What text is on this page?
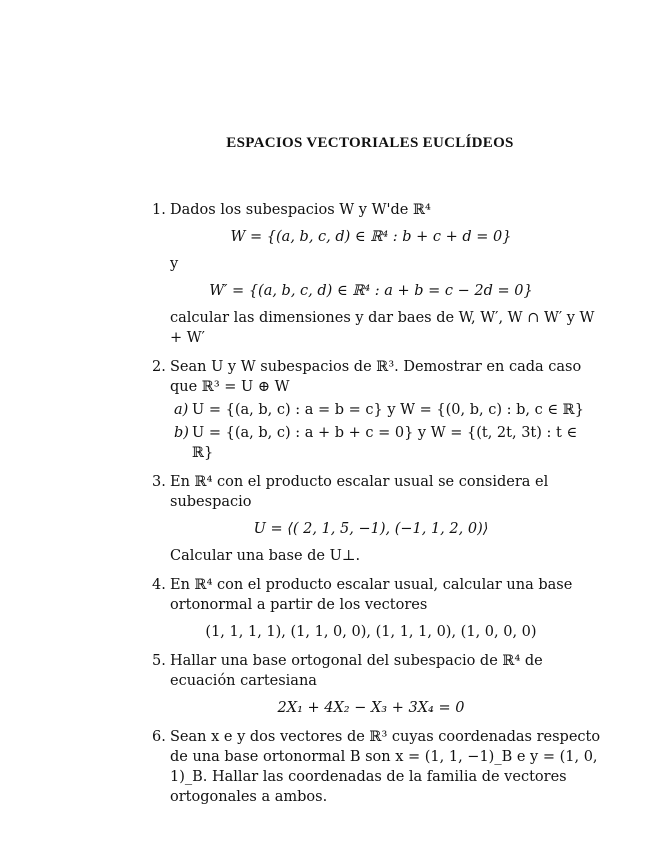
ESPACIOS VECTORIALES EUCLÍDEOS
1. Dados los subespacios W y W'de ℝ⁴

W = {(a, b, c, d) ∈ ℝ⁴ : b + c + d = 0}

y

W′ = {(a, b, c, d) ∈ ℝ⁴ : a + b = c − 2d = 0}

calcular las dimensiones y dar baes de W, W′, W ∩ W′ y W + W′

2. Sean U y W subespacios de ℝ³. Demostrar en cada caso que ℝ³ = U ⊕ W

a) U = {(a, b, c) : a = b = c} y W = {(0, b, c) : b, c ∈ ℝ}
b) U = {(a, b, c) : a + b + c = 0} y W = {(t, 2t, 3t) : t ∈ ℝ}
3. En ℝ⁴ con el producto escalar usual se considera el subespacio

U = ⟨( 2, 1, 5, −1), (−1, 1, 2, 0)⟩

Calcular una base de U⊥.

4. En ℝ⁴ con el producto escalar usual, calcular una base ortonormal a partir de los vectores

(1, 1, 1, 1), (1, 1, 0, 0), (1, 1, 1, 0), (1, 0, 0, 0)

5. Hallar una base ortogonal del subespacio de ℝ⁴ de ecuación cartesiana

2X₁ + 4X₂ − X₃ + 3X₄ = 0

6. Sean x e y dos vectores de ℝ³ cuyas coordenadas respecto de una base ortonormal B son x = (1, 1, −1)_B e y = (1, 0, 1)_B. Hallar las coordenadas de la familia de vectores ortogonales a ambos.
